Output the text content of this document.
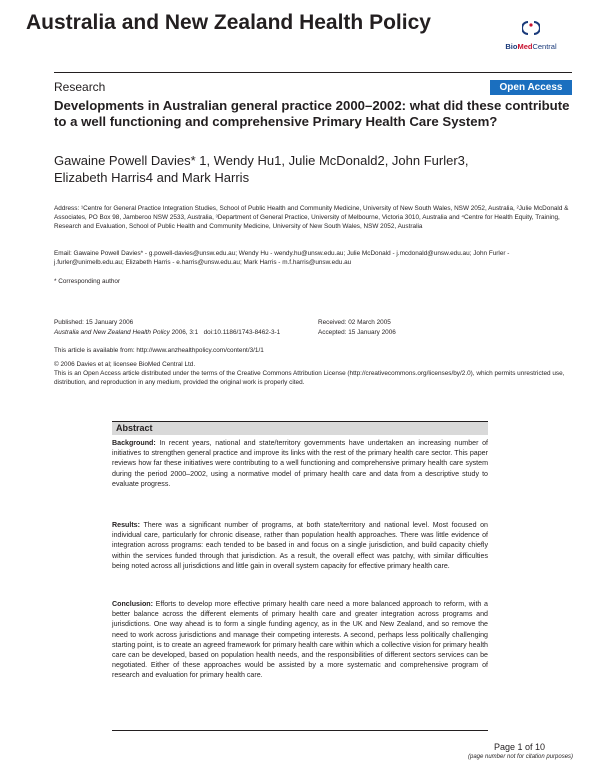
Australia and New Zealand Health Policy
BioMedCentral
Research	Open Access
Developments in Australian general practice 2000–2002: what did these contribute to a well functioning and comprehensive Primary Health Care System?
Gawaine Powell Davies* 1, Wendy Hu1, Julie McDonald2, John Furler3,
Elizabeth Harris4 and Mark Harris
Address: ¹Centre for General Practice Integration Studies, School of Public Health and Community Medicine, University of New South Wales, NSW 2052, Australia, ²Julie McDonald & Associates, PO Box 98, Jamberoo NSW 2533, Australia, ³Department of General Practice, University of Melbourne, Victoria 3010, Australia and ⁴Centre for Health Equity, Training, Research and Evaluation, School of Public Health and Community Medicine, University of New South Wales, NSW 2052, Australia
Email: Gawaine Powell Davies* - g.powell-davies@unsw.edu.au; Wendy Hu - wendy.hu@unsw.edu.au; Julie McDonald - j.mcdonald@unsw.edu.au; John Furler - j.furler@unimelb.edu.au; Elizabeth Harris - e.harris@unsw.edu.au; Mark Harris - m.f.harris@unsw.edu.au
* Corresponding author
Published: 15 January 2006
Australia and New Zealand Health Policy 2006, 3:1 doi:10.1186/1743-8462-3-1
Received: 02 March 2005
Accepted: 15 January 2006
This article is available from: http://www.anzhealthpolicy.com/content/3/1/1
© 2006 Davies et al; licensee BioMed Central Ltd.
This is an Open Access article distributed under the terms of the Creative Commons Attribution License (http://creativecommons.org/licenses/by/2.0), which permits unrestricted use, distribution, and reproduction in any medium, provided the original work is properly cited.
Abstract
Background: In recent years, national and state/territory governments have undertaken an increasing number of initiatives to strengthen general practice and improve its links with the rest of the primary health care sector. This paper reviews how far these initiatives were contributing to a well functioning and comprehensive primary health care system during the period 2000–2002, using a normative model of primary health care and data from a descriptive study to evaluate progress.
Results: There was a significant number of programs, at both state/territory and national level. Most focused on individual care, particularly for chronic disease, rather than population health approaches. There was little evidence of integration across programs: each tended to be based in and focus on a single jurisdiction, and build capacity chiefly within the services funded through that jurisdiction. As a result, the overall effect was patchy, with similar difficulties being noted across all jurisdictions and little gain in overall system capacity for effective primary health care.
Conclusion: Efforts to develop more effective primary health care need a more balanced approach to reform, with a better balance across the different elements of primary health care and greater integration across programs and jurisdictions. One way ahead is to form a single funding agency, as in the UK and New Zealand, and so remove the need to work across jurisdictions and manage their competing interests. A second, perhaps less politically challenging starting point, is to create an agreed framework for primary health care within which a collective vision for primary health care can be developed, based on population health needs, and the responsibilities of different sectors services can be negotiated. Either of these approaches would be assisted by a more systematic and comprehensive program of research and evaluation for primary health care.
Page 1 of 10
(page number not for citation purposes)
